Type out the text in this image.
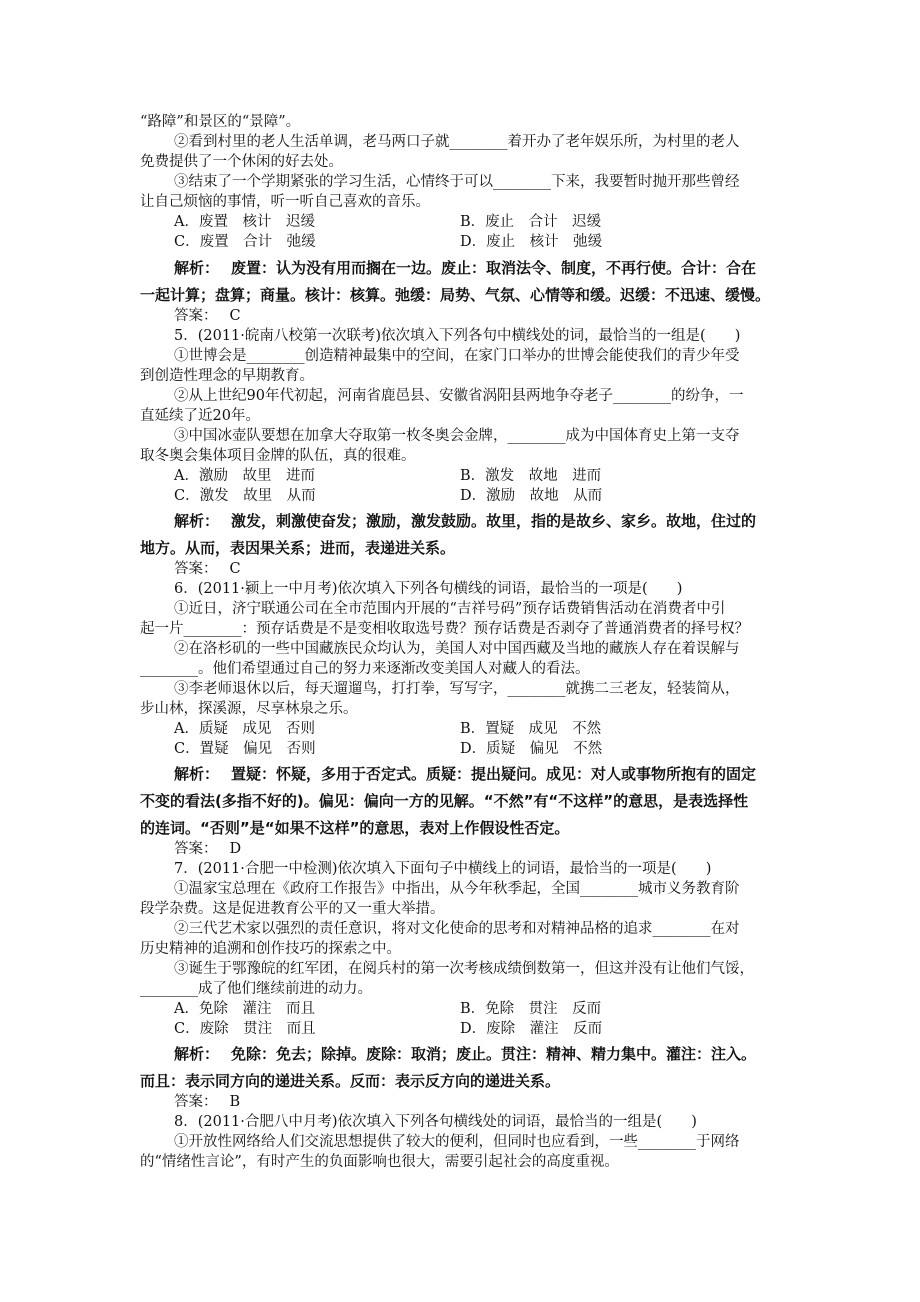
“路障”和景区的“景障”。
②看到村里的老人生活单调，老马两口子就________着开办了老年娱乐所，为村里的老人
免费提供了一个休闲的好去处。
③结束了一个学期紧张的学习生活，心情终于可以________下来，我要暂时抛开那些曾经
让自己烦恼的事情，听一听自己喜欢的音乐。
A．废置　核计　迟缓	B．废止　合计　迟缓
C．废置　合计　弛缓	D．废止　核计　弛缓
解析： 废置：认为没有用而搁在一边。废止：取消法令、制度，不再行使。合计：合在
一起计算；盘算；商量。核计：核算。弛缓：局势、气氛、心情等和缓。迟缓：不迅速、缓慢。
答案： C
5．(2011·皖南八校第一次联考)依次填入下列各句中横线处的词，最恰当的一组是(　　)
①世博会是________创造精神最集中的空间，在家门口举办的世博会能使我们的青少年受
到创造性理念的早期教育。
②从上世纪90年代初起，河南省鹿邑县、安徽省涡阳县两地争夺老子________的纷争，一
直延续了近20年。
③中国冰壶队要想在加拿大夺取第一枚冬奥会金牌，________成为中国体育史上第一支夺
取冬奥会集体项目金牌的队伍，真的很难。
A．激励　故里　进而	B．激发　故地　进而
C．激发　故里　从而	D．激励　故地　从而
解析： 激发，刺激使奋发；激励，激发鼓励。故里，指的是故乡、家乡。故地，住过的
地方。从而，表因果关系；进而，表递进关系。
答案： C
6．(2011·颍上一中月考)依次填入下列各句横线的词语，最恰当的一项是(　　)
①近日，济宁联通公司在全市范围内开展的“吉祥号码”预存话费销售活动在消费者中引
起一片________：预存话费是不是变相收取选号费？预存话费是否剥夺了普通消费者的择号权？
②在洛杉矶的一些中国藏族民众均认为，美国人对中国西藏及当地的藏族人存在着误解与
________。他们希望通过自己的努力来逐渐改变美国人对藏人的看法。
③李老师退休以后，每天遛遛鸟，打打拳，写写字，________就携二三老友，轻装简从，
步山林，探溪源，尽享林泉之乐。
A．质疑　成见　否则	B．置疑　成见　不然
C．置疑　偏见　否则	D．质疑　偏见　不然
解析： 置疑：怀疑，多用于否定式。质疑：提出疑问。成见：对人或事物所抱有的固定
不变的看法(多指不好的)。偏见：偏向一方的见解。“不然”有“不这样”的意思，是表选择性
的连词。“否则”是“如果不这样”的意思，表对上作假设性否定。
答案： D
7．(2011·合肥一中检测)依次填入下面句子中横线上的词语，最恰当的一项是(　　)
①温家宝总理在《政府工作报告》中指出，从今年秋季起，全国________城市义务教育阶
段学杂费。这是促进教育公平的又一重大举措。
②三代艺术家以强烈的责任意识，将对文化使命的思考和对精神品格的追求________在对
历史精神的追溯和创作技巧的探索之中。
③诞生于鄂豫皖的红军团，在阅兵村的第一次考核成绩倒数第一，但这并没有让他们气馁，
________成了他们继续前进的动力。
A．免除　灌注　而且	B．免除　贯注　反而
C．废除　贯注　而且	D．废除　灌注　反而
解析： 免除：免去；除掉。废除：取消；废止。贯注：精神、精力集中。灌注：注入。
而且：表示同方向的递进关系。反而：表示反方向的递进关系。
答案： B
8．(2011·合肥八中月考)依次填入下列各句横线处的词语，最恰当的一组是(　　)
①开放性网络给人们交流思想提供了较大的便利，但同时也应看到，一些________于网络
的“情绪性言论”，有时产生的负面影响也很大，需要引起社会的高度重视。
